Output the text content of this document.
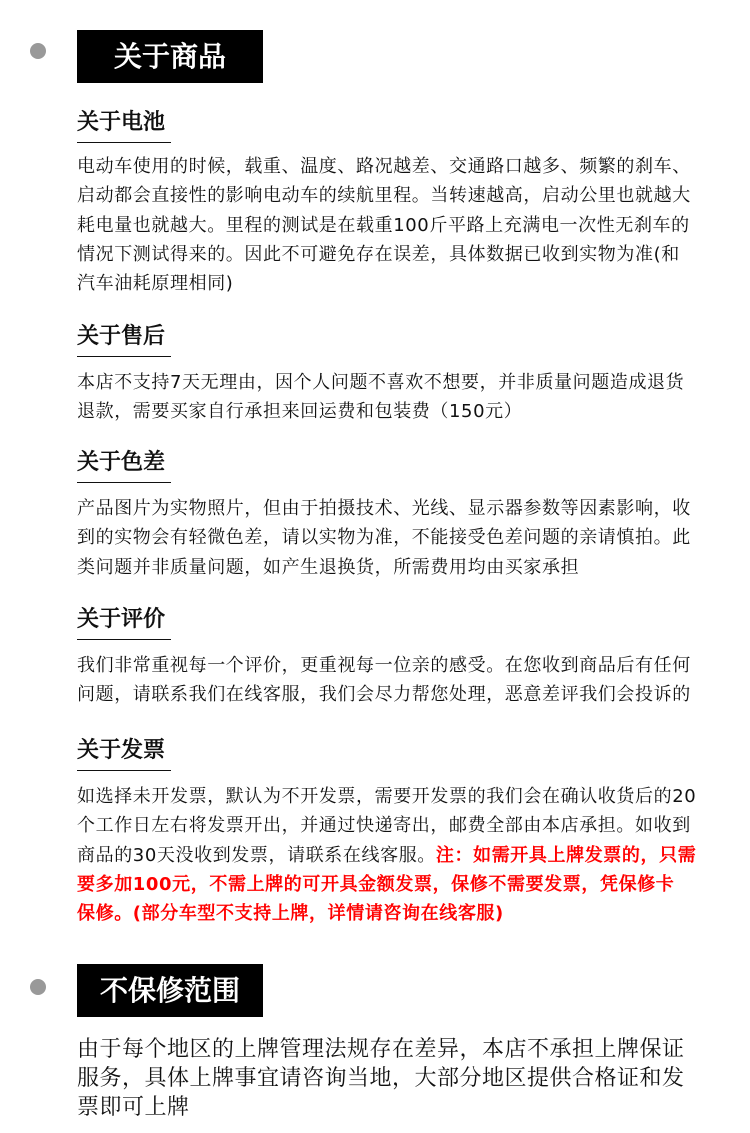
关于商品
关于电池
电动车使用的时候，载重、温度、路况越差、交通路口越多、频繁的刹车、
启动都会直接性的影响电动车的续航里程。当转速越高，启动公里也就越大
耗电量也就越大。里程的测试是在载重100斤平路上充满电一次性无刹车的
情况下测试得来的。因此不可避免存在误差，具体数据已收到实物为准(和
汽车油耗原理相同)
关于售后
本店不支持7天无理由，因个人问题不喜欢不想要，并非质量问题造成退货
退款，需要买家自行承担来回运费和包装费（150元）
关于色差
产品图片为实物照片，但由于拍摄技术、光线、显示器参数等因素影响，收
到的实物会有轻微色差，请以实物为准，不能接受色差问题的亲请慎拍。此
类问题并非质量问题，如产生退换货，所需费用均由买家承担
关于评价
我们非常重视每一个评价，更重视每一位亲的感受。在您收到商品后有任何
问题，请联系我们在线客服，我们会尽力帮您处理，恶意差评我们会投诉的
关于发票
如选择未开发票，默认为不开发票，需要开发票的我们会在确认收货后的20
个工作日左右将发票开出，并通过快递寄出，邮费全部由本店承担。如收到
商品的30天没收到发票，请联系在线客服。注：如需开具上牌发票的，只需
要多加100元，不需上牌的可开具金额发票，保修不需要发票，凭保修卡
保修。(部分车型不支持上牌，详情请咨询在线客服)
不保修范围
由于每个地区的上牌管理法规存在差异，本店不承担上牌保证
服务，具体上牌事宜请咨询当地，大部分地区提供合格证和发
票即可上牌
